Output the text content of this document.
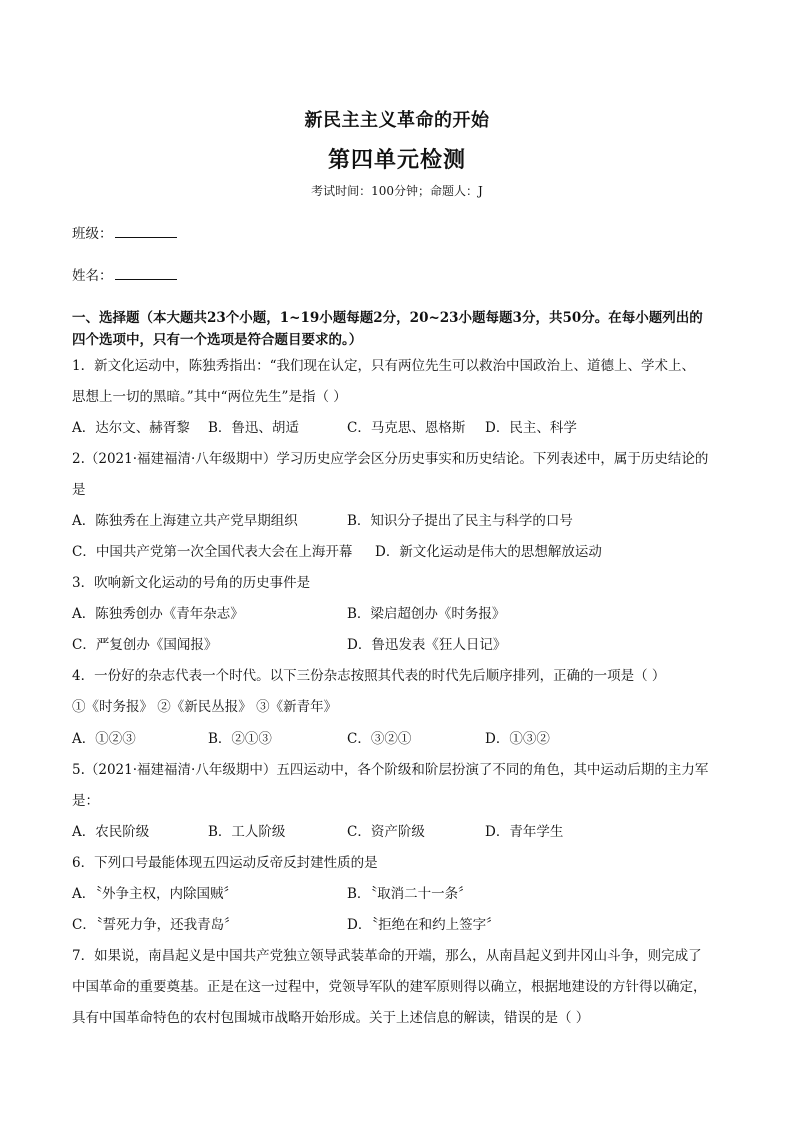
新民主主义革命的开始
第四单元检测
考试时间：100分钟；命题人：J
班级：
姓名：
一、选择题（本大题共23个小题，1~19小题每题2分，20~23小题每题3分，共50分。在每小题列出的
四个选项中，只有一个选项是符合题目要求的。）
1．新文化运动中，陈独秀指出：“我们现在认定，只有两位先生可以救治中国政治上、道德上、学术上、
思想上一切的黑暗。”其中“两位先生”是指（ ）
A．达尔文、赫胥黎 B．鲁迅、胡适	C．马克思、恩格斯 D．民主、科学
2.（2021·福建福清·八年级期中）学习历史应学会区分历史事实和历史结论。下列表述中，属于历史结论的
是
A．陈独秀在上海建立共产党早期组织	B．知识分子提出了民主与科学的口号
C．中国共产党第一次全国代表大会在上海开幕 D．新文化运动是伟大的思想解放运动
3．吹响新文化运动的号角的历史事件是
A．陈独秀创办《青年杂志》	B．梁启超创办《时务报》
C．严复创办《国闻报》	D．鲁迅发表《狂人日记》
4．一份好的杂志代表一个时代。以下三份杂志按照其代表的时代先后顺序排列，正确的一项是（ ）
①《时务报》 ②《新民丛报》 ③《新青年》
A．①②③	B．②①③	C．③②①	D．①③②
5.（2021·福建福清·八年级期中）五四运动中，各个阶级和阶层扮演了不同的角色，其中运动后期的主力军
是：
A．农民阶级	B．工人阶级	C．资产阶级	D．青年学生
6．下列口号最能体现五四运动反帝反封建性质的是
A．〝外争主权，内除国贼〞	B．〝取消二十一条〞
C．〝誓死力争，还我青岛〞	D．〝拒绝在和约上签字〞
7．如果说，南昌起义是中国共产党独立领导武装革命的开端，那么，从南昌起义到井冈山斗争，则完成了
中国革命的重要奠基。正是在这一过程中，党领导军队的建军原则得以确立，根据地建设的方针得以确定，
具有中国革命特色的农村包围城市战略开始形成。关于上述信息的解读，错误的是（ ）
